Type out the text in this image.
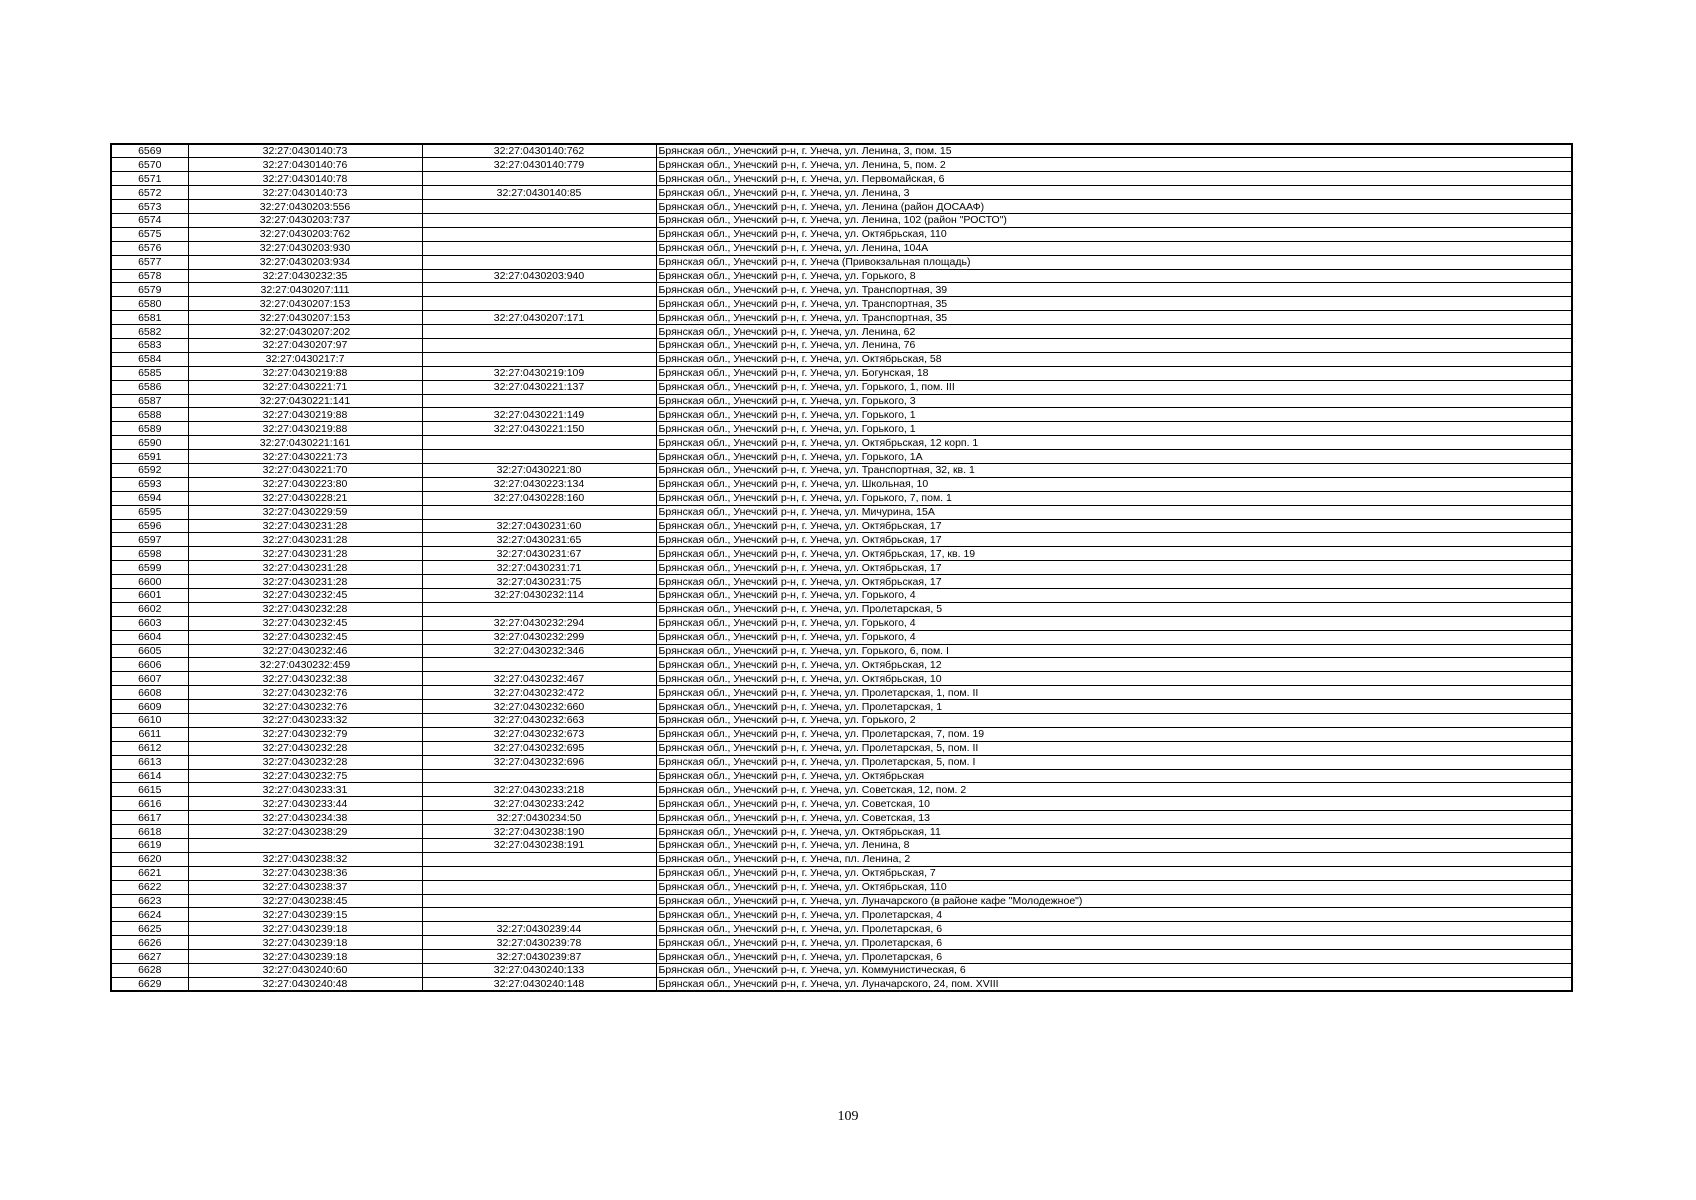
6569	32:27:0430140:73	32:27:0430140:762	Брянская обл., Унечский р-н, г. Унеча, ул. Ленина, 3, пом. 15
6570	32:27:0430140:76	32:27:0430140:779	Брянская обл., Унечский р-н, г. Унеча, ул. Ленина, 5, пом. 2
6571	32:27:0430140:78		Брянская обл., Унечский р-н, г. Унеча, ул. Первомайская, 6
6572	32:27:0430140:73	32:27:0430140:85	Брянская обл., Унечский р-н, г. Унеча, ул. Ленина, 3
6573	32:27:0430203:556		Брянская обл., Унечский р-н, г. Унеча, ул. Ленина (район ДОСААФ)
6574	32:27:0430203:737		Брянская обл., Унечский р-н, г. Унеча, ул. Ленина, 102 (район "РОСТО")
6575	32:27:0430203:762		Брянская обл., Унечский р-н, г. Унеча, ул. Октябрьская, 110
6576	32:27:0430203:930		Брянская обл., Унечский р-н, г. Унеча, ул. Ленина, 104А
6577	32:27:0430203:934		Брянская обл., Унечский р-н, г. Унеча (Привокзальная площадь)
6578	32:27:0430232:35	32:27:0430203:940	Брянская обл., Унечский р-н, г. Унеча, ул. Горького, 8
6579	32:27:0430207:111		Брянская обл., Унечский р-н, г. Унеча, ул. Транспортная, 39
6580	32:27:0430207:153		Брянская обл., Унечский р-н, г. Унеча, ул. Транспортная, 35
6581	32:27:0430207:153	32:27:0430207:171	Брянская обл., Унечский р-н, г. Унеча, ул. Транспортная, 35
6582	32:27:0430207:202		Брянская обл., Унечский р-н, г. Унеча, ул. Ленина, 62
6583	32:27:0430207:97		Брянская обл., Унечский р-н, г. Унеча, ул. Ленина, 76
6584	32:27:0430217:7		Брянская обл., Унечский р-н, г. Унеча, ул. Октябрьская, 58
6585	32:27:0430219:88	32:27:0430219:109	Брянская обл., Унечский р-н, г. Унеча, ул. Богунская, 18
6586	32:27:0430221:71	32:27:0430221:137	Брянская обл., Унечский р-н, г. Унеча, ул. Горького, 1, пом. III
6587	32:27:0430221:141		Брянская обл., Унечский р-н, г. Унеча, ул. Горького, 3
6588	32:27:0430219:88	32:27:0430221:149	Брянская обл., Унечский р-н, г. Унеча, ул. Горького, 1
6589	32:27:0430219:88	32:27:0430221:150	Брянская обл., Унечский р-н, г. Унеча, ул. Горького, 1
6590	32:27:0430221:161		Брянская обл., Унечский р-н, г. Унеча, ул. Октябрьская, 12 корп. 1
6591	32:27:0430221:73		Брянская обл., Унечский р-н, г. Унеча, ул. Горького, 1А
6592	32:27:0430221:70	32:27:0430221:80	Брянская обл., Унечский р-н, г. Унеча, ул. Транспортная, 32, кв. 1
6593	32:27:0430223:80	32:27:0430223:134	Брянская обл., Унечский р-н, г. Унеча, ул. Школьная, 10
6594	32:27:0430228:21	32:27:0430228:160	Брянская обл., Унечский р-н, г. Унеча, ул. Горького, 7, пом. 1
6595	32:27:0430229:59		Брянская обл., Унечский р-н, г. Унеча, ул. Мичурина, 15А
6596	32:27:0430231:28	32:27:0430231:60	Брянская обл., Унечский р-н, г. Унеча, ул. Октябрьская, 17
6597	32:27:0430231:28	32:27:0430231:65	Брянская обл., Унечский р-н, г. Унеча, ул. Октябрьская, 17
6598	32:27:0430231:28	32:27:0430231:67	Брянская обл., Унечский р-н, г. Унеча, ул. Октябрьская, 17, кв. 19
6599	32:27:0430231:28	32:27:0430231:71	Брянская обл., Унечский р-н, г. Унеча, ул. Октябрьская, 17
6600	32:27:0430231:28	32:27:0430231:75	Брянская обл., Унечский р-н, г. Унеча, ул. Октябрьская, 17
6601	32:27:0430232:45	32:27:0430232:114	Брянская обл., Унечский р-н, г. Унеча, ул. Горького, 4
6602	32:27:0430232:28		Брянская обл., Унечский р-н, г. Унеча, ул. Пролетарская, 5
6603	32:27:0430232:45	32:27:0430232:294	Брянская обл., Унечский р-н, г. Унеча, ул. Горького, 4
6604	32:27:0430232:45	32:27:0430232:299	Брянская обл., Унечский р-н, г. Унеча, ул. Горького, 4
6605	32:27:0430232:46	32:27:0430232:346	Брянская обл., Унечский р-н, г. Унеча, ул. Горького, 6, пом. I
6606	32:27:0430232:459		Брянская обл., Унечский р-н, г. Унеча, ул. Октябрьская, 12
6607	32:27:0430232:38	32:27:0430232:467	Брянская обл., Унечский р-н, г. Унеча, ул. Октябрьская, 10
6608	32:27:0430232:76	32:27:0430232:472	Брянская обл., Унечский р-н, г. Унеча, ул. Пролетарская, 1, пом. II
6609	32:27:0430232:76	32:27:0430232:660	Брянская обл., Унечский р-н, г. Унеча, ул. Пролетарская, 1
6610	32:27:0430233:32	32:27:0430232:663	Брянская обл., Унечский р-н, г. Унеча, ул. Горького, 2
6611	32:27:0430232:79	32:27:0430232:673	Брянская обл., Унечский р-н, г. Унеча, ул. Пролетарская, 7, пом. 19
6612	32:27:0430232:28	32:27:0430232:695	Брянская обл., Унечский р-н, г. Унеча, ул. Пролетарская, 5, пом. II
6613	32:27:0430232:28	32:27:0430232:696	Брянская обл., Унечский р-н, г. Унеча, ул. Пролетарская, 5, пом. I
6614	32:27:0430232:75		Брянская обл., Унечский р-н, г. Унеча, ул. Октябрьская
6615	32:27:0430233:31	32:27:0430233:218	Брянская обл., Унечский р-н, г. Унеча, ул. Советская, 12, пом. 2
6616	32:27:0430233:44	32:27:0430233:242	Брянская обл., Унечский р-н, г. Унеча, ул. Советская, 10
6617	32:27:0430234:38	32:27:0430234:50	Брянская обл., Унечский р-н, г. Унеча, ул. Советская, 13
6618	32:27:0430238:29	32:27:0430238:190	Брянская обл., Унечский р-н, г. Унеча, ул. Октябрьская, 11
6619		32:27:0430238:191	Брянская обл., Унечский р-н, г. Унеча, ул. Ленина, 8
6620	32:27:0430238:32		Брянская обл., Унечский р-н, г. Унеча, пл. Ленина, 2
6621	32:27:0430238:36		Брянская обл., Унечский р-н, г. Унеча, ул. Октябрьская, 7
6622	32:27:0430238:37		Брянская обл., Унечский р-н, г. Унеча, ул. Октябрьская, 110
6623	32:27:0430238:45		Брянская обл., Унечский р-н, г. Унеча, ул. Луначарского (в районе кафе "Молодежное")
6624	32:27:0430239:15		Брянская обл., Унечский р-н, г. Унеча, ул. Пролетарская, 4
6625	32:27:0430239:18	32:27:0430239:44	Брянская обл., Унечский р-н, г. Унеча, ул. Пролетарская, 6
6626	32:27:0430239:18	32:27:0430239:78	Брянская обл., Унечский р-н, г. Унеча, ул. Пролетарская, 6
6627	32:27:0430239:18	32:27:0430239:87	Брянская обл., Унечский р-н, г. Унеча, ул. Пролетарская, 6
6628	32:27:0430240:60	32:27:0430240:133	Брянская обл., Унечский р-н, г. Унеча, ул. Коммунистическая, 6
6629	32:27:0430240:48	32:27:0430240:148	Брянская обл., Унечский р-н, г. Унеча, ул. Луначарского, 24, пом. XVIII
109
